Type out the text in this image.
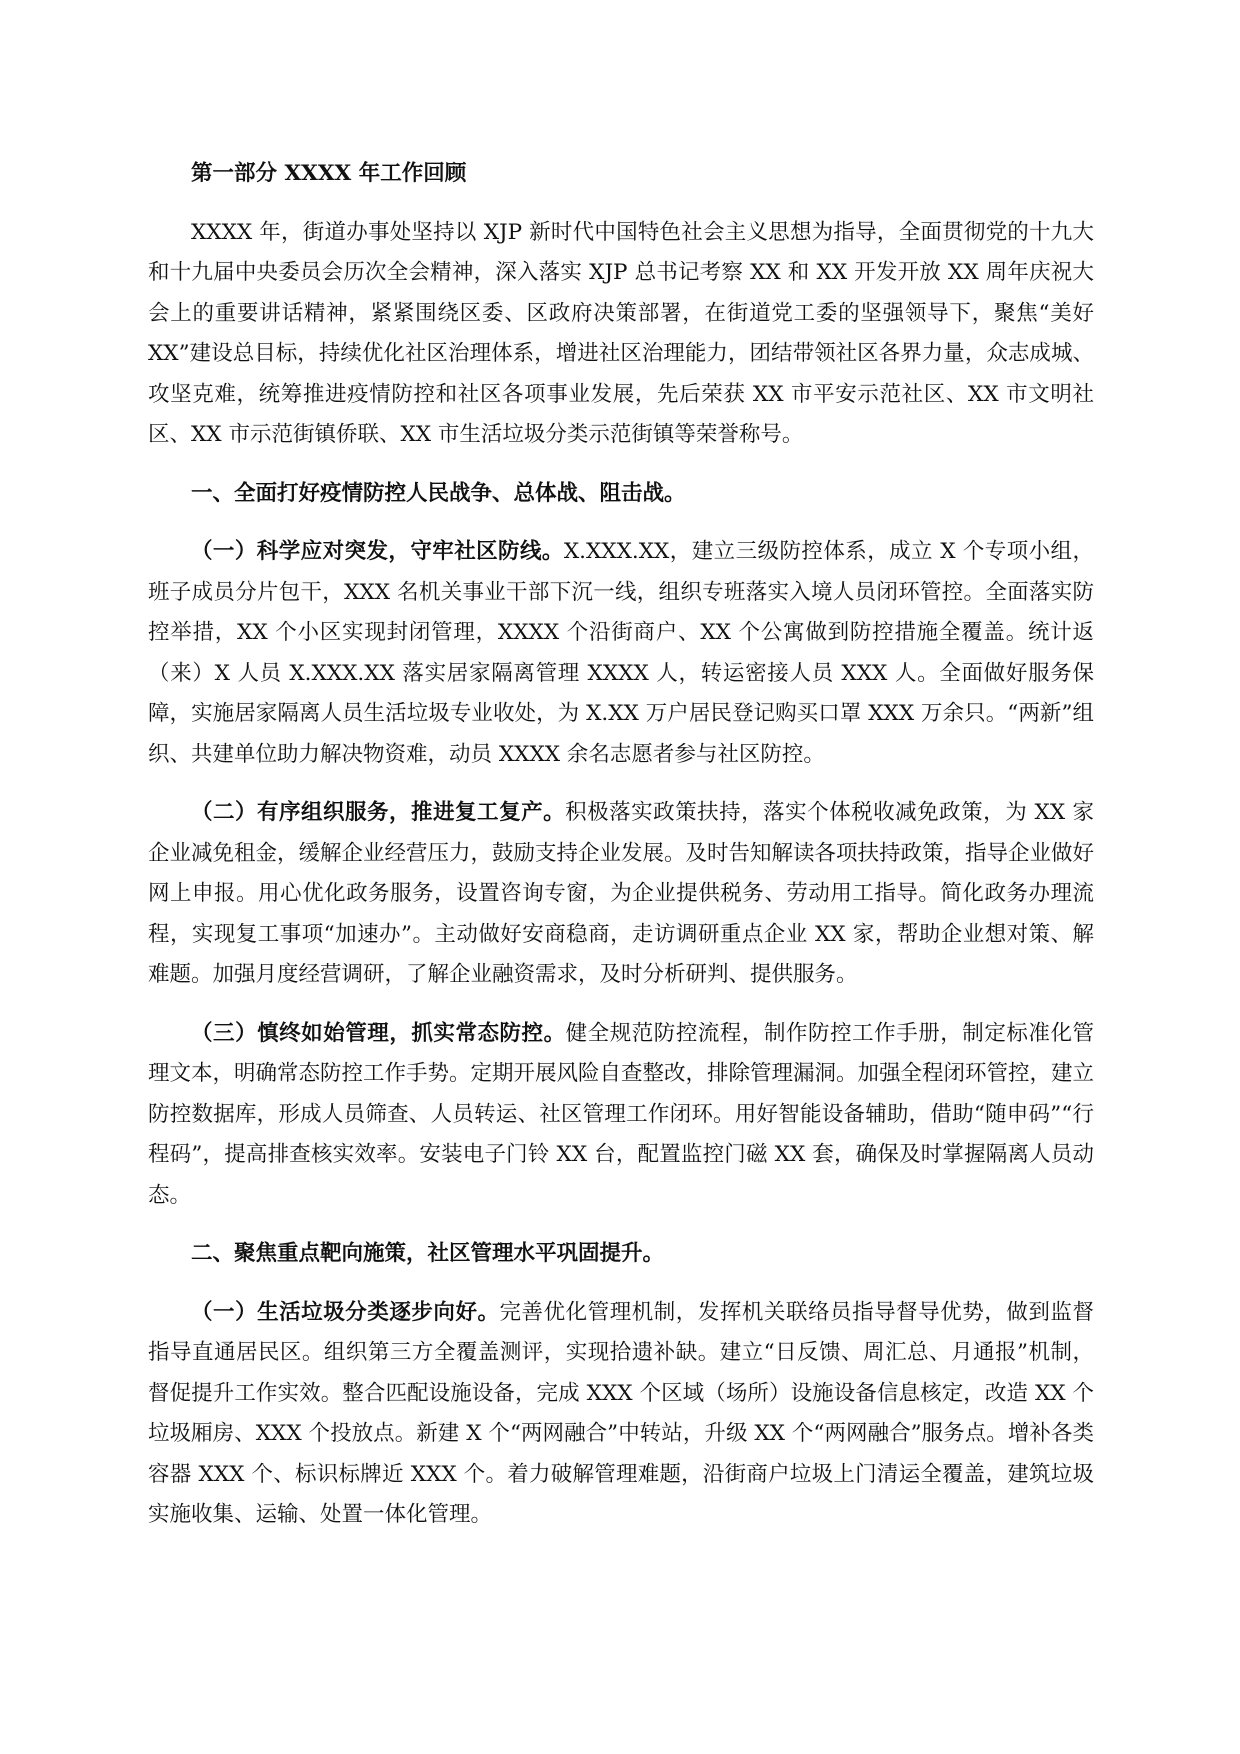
第一部分 XXXX 年工作回顾

XXXX 年，街道办事处坚持以 XJP 新时代中国特色社会主义思想为指导，全面贯彻党的十九大和十九届中央委员会历次全会精神，深入落实 XJP 总书记考察 XX 和 XX 开发开放 XX 周年庆祝大会上的重要讲话精神，紧紧围绕区委、区政府决策部署，在街道党工委的坚强领导下，聚焦“美好 XX”建设总目标，持续优化社区治理体系，增进社区治理能力，团结带领社区各界力量，众志成城、攻坚克难，统筹推进疫情防控和社区各项事业发展，先后荣获 XX 市平安示范社区、XX 市文明社区、XX 市示范街镇侨联、XX 市生活垃圾分类示范街镇等荣誉称号。

一、全面打好疫情防控人民战争、总体战、阻击战。

（一）科学应对突发，守牢社区防线。X.XXX.XX，建立三级防控体系，成立 X 个专项小组，班子成员分片包干，XXX 名机关事业干部下沉一线，组织专班落实入境人员闭环管控。全面落实防控举措，XX 个小区实现封闭管理，XXXX 个沿街商户、XX 个公寓做到防控措施全覆盖。统计返（来）X 人员 X.XXX.XX 落实居家隔离管理 XXXX 人，转运密接人员 XXX 人。全面做好服务保障，实施居家隔离人员生活垃圾专业收处，为 X.XX 万户居民登记购买口罩 XXX 万余只。“两新”组织、共建单位助力解决物资难，动员 XXXX 余名志愿者参与社区防控。

（二）有序组织服务，推进复工复产。积极落实政策扶持，落实个体税收减免政策，为 XX 家企业减免租金，缓解企业经营压力，鼓励支持企业发展。及时告知解读各项扶持政策，指导企业做好网上申报。用心优化政务服务，设置咨询专窗，为企业提供税务、劳动用工指导。简化政务办理流程，实现复工事项“加速办”。主动做好安商稳商，走访调研重点企业 XX 家，帮助企业想对策、解难题。加强月度经营调研，了解企业融资需求，及时分析研判、提供服务。

（三）慎终如始管理，抓实常态防控。健全规范防控流程，制作防控工作手册，制定标准化管理文本，明确常态防控工作手势。定期开展风险自查整改，排除管理漏洞。加强全程闭环管控，建立防控数据库，形成人员筛查、人员转运、社区管理工作闭环。用好智能设备辅助，借助“随申码”“行程码”，提高排查核实效率。安装电子门铃 XX 台，配置监控门磁 XX 套，确保及时掌握隔离人员动态。

二、聚焦重点靶向施策，社区管理水平巩固提升。

（一）生活垃圾分类逐步向好。完善优化管理机制，发挥机关联络员指导督导优势，做到监督指导直通居民区。组织第三方全覆盖测评，实现拾遗补缺。建立“日反馈、周汇总、月通报”机制，督促提升工作实效。整合匹配设施设备，完成 XXX 个区域（场所）设施设备信息核定，改造 XX 个垃圾厢房、XXX 个投放点。新建 X 个“两网融合”中转站，升级 XX 个“两网融合”服务点。增补各类容器 XXX 个、标识标牌近 XXX 个。着力破解管理难题，沿街商户垃圾上门清运全覆盖，建筑垃圾实施收集、运输、处置一体化管理。
